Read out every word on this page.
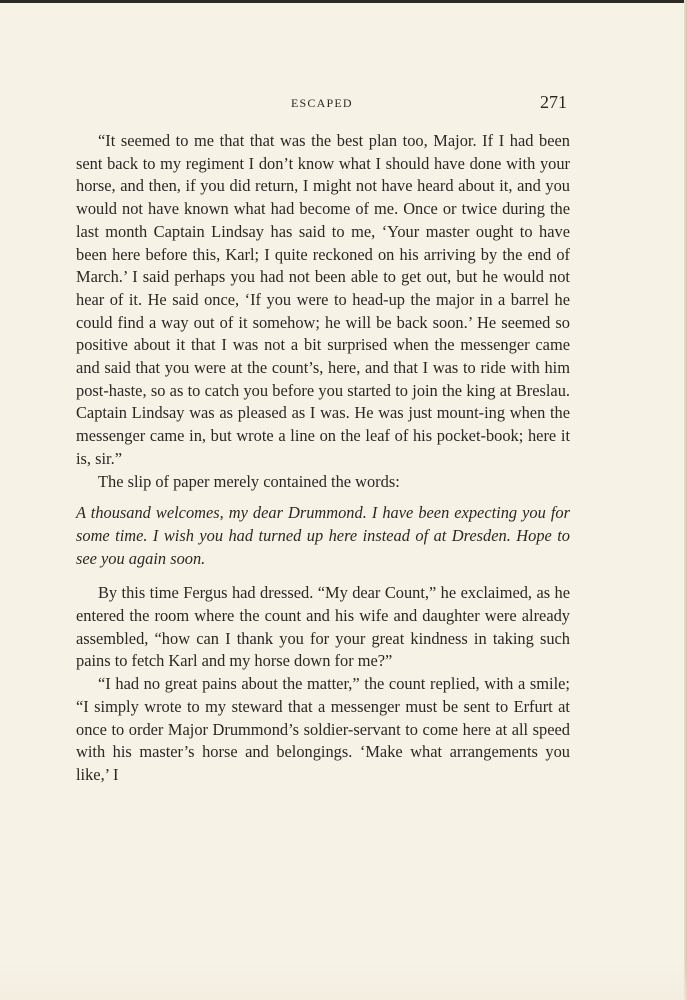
ESCAPED	271

“It seemed to me that that was the best plan too, Major. If I had been sent back to my regiment I don’t know what I should have done with your horse, and then, if you did return, I might not have heard about it, and you would not have known what had become of me. Once or twice during the last month Captain Lindsay has said to me, ‘Your master ought to have been here before this, Karl; I quite reckoned on his arriving by the end of March.’ I said perhaps you had not been able to get out, but he would not hear of it. He said once, ‘If you were to head-up the major in a barrel he could find a way out of it somehow; he will be back soon.’ He seemed so positive about it that I was not a bit surprised when the messenger came and said that you were at the count’s, here, and that I was to ride with him post-haste, so as to catch you before you started to join the king at Breslau. Captain Lindsay was as pleased as I was. He was just mount-ing when the messenger came in, but wrote a line on the leaf of his pocket-book; here it is, sir.”

The slip of paper merely contained the words:

A thousand welcomes, my dear Drummond. I have been expecting you for some time. I wish you had turned up here instead of at Dresden. Hope to see you again soon.

By this time Fergus had dressed. “My dear Count,” he exclaimed, as he entered the room where the count and his wife and daughter were already assembled, “how can I thank you for your great kindness in taking such pains to fetch Karl and my horse down for me?”

“I had no great pains about the matter,” the count replied, with a smile; “I simply wrote to my steward that a messenger must be sent to Erfurt at once to order Major Drummond’s soldier-servant to come here at all speed with his master’s horse and belongings. ‘Make what arrangements you like,’ I
